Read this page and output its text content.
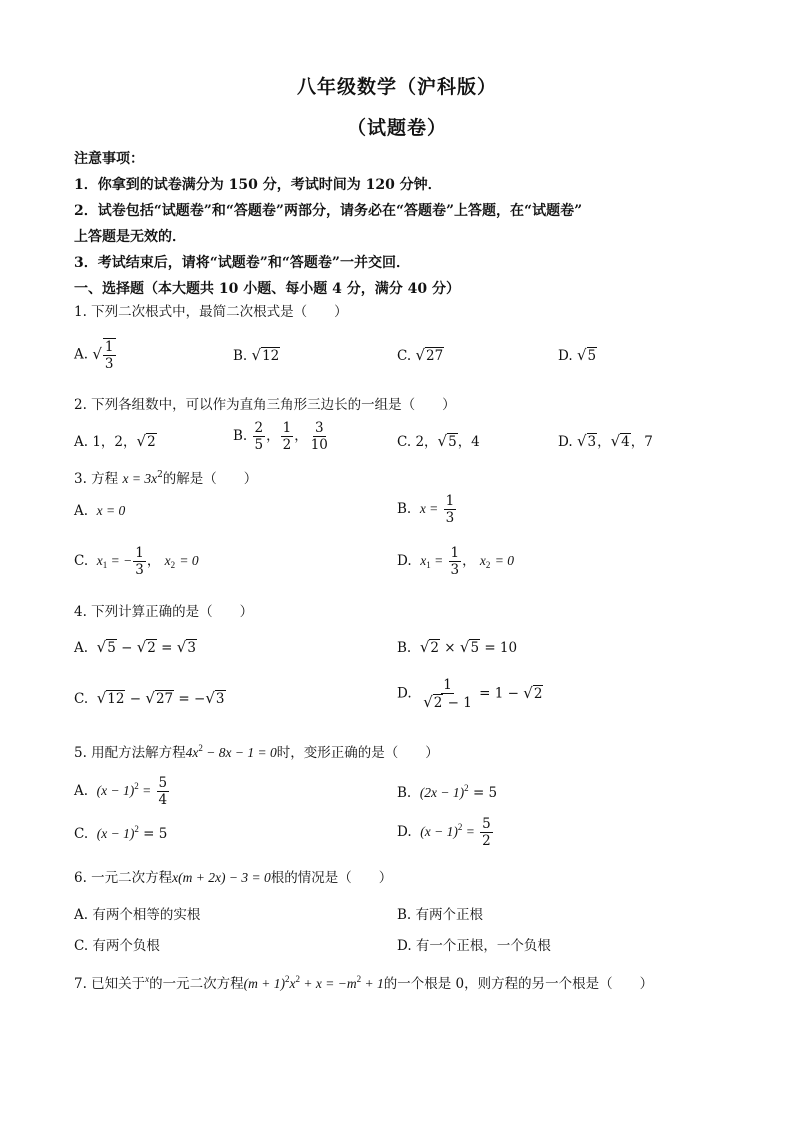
八年级数学（沪科版）
（试题卷）
注意事项：
1．你拿到的试卷满分为 150 分，考试时间为 120 分钟．
2．试卷包括“试题卷”和“答题卷”两部分，请务必在“答题卷”上答题，在“试题卷”
上答题是无效的．
3．考试结束后，请将“试题卷”和“答题卷”一并交回．
一、选择题（本大题共 10 小题、每小题 4 分，满分 40 分）
1. 下列二次根式中，最简二次根式是（　　）
A. √ $\frac{1}{3}$	B. √12	C. √27	D. √5
2. 下列各组数中，可以作为直角三角形三边长的一组是（　　）
A. 1，2，√2	B. $\frac{2}{5}$ ， $\frac{1}{2}$ ， $\frac{3}{10}$	C. 2，√5，4	D. √3，√4，7
3. 方程 $x = 3x^2$的解是（　　）
A. x = 0	B. $x = \frac{1}{3}$
C. $x_1$ = − $\frac{1}{3}$ ， $x_2 = 0$	D. $x_1 = \frac{1}{3}$ ， $x_2 = 0$
4. 下列计算正确的是（　　）
A. √5 − √2 = √3	B. √2 × √5 = 10
C. √12 − √27 = −√3	D. $\frac{1}{√2 - 1} = 1 - √2$
5. 用配方法解方程$4x^2 - 8x - 1 = 0$时，变形正确的是（　　）
A. $(x - 1)^2 = \frac{5}{4}$	B. $(2x - 1)^2 = 5$
C. $(x - 1)^2 = 5$	D. $(x - 1)^2 = \frac{5}{2}$
6. 一元二次方程x(m + 2x) − 3 = 0根的情况是（　　）
A. 有两个相等的实根	B. 有两个正根
C. 有两个负根	D. 有一个正根，一个负根
7. 已知关于$^x$的一元二次方程$(m + 1)^2x^2 + x = -m^2 + 1$的一个根是 0，则方程的另一个根是（　　）
